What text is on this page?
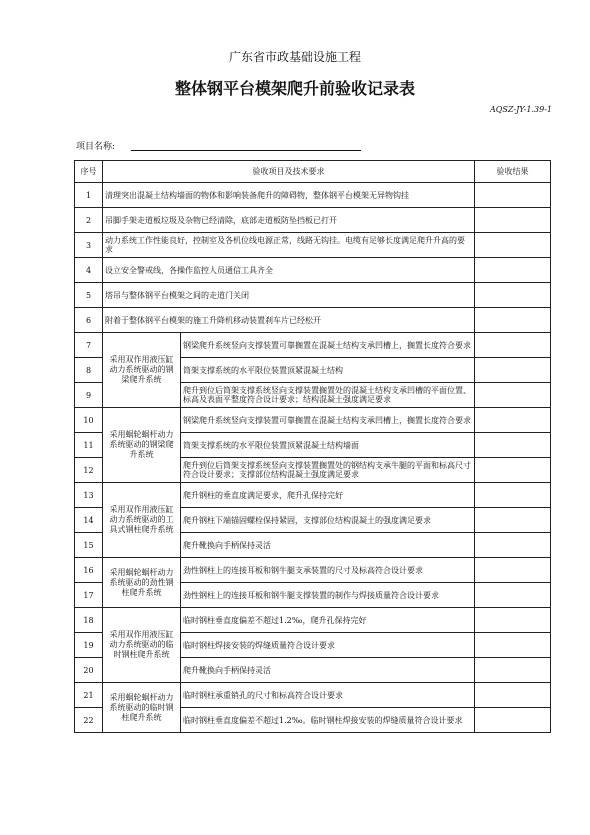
广东省市政基础设施工程
整体钢平台模架爬升前验收记录表
AQSZ-JY-1.39-1
项目名称:
序号	验收项目及技术要求		验收结果
1	清理突出混凝土结构墙面的物体和影响装备爬升的障碍物，整体钢平台模架无异物钩挂		
2	吊脚手架走道板垃圾及杂物已经清除，底部走道板防坠挡板已打开		
3	动力系统工作性能良好，控制室及各机位线电源正常，线路无钩挂。电缆有足够长度满足爬升升高的要求		
4	设立安全警戒线，各操作监控人员通信工具齐全		
5	塔吊与整体钢平台模架之间的走道门关闭		
6	附着于整体钢平台模架的施工升降机移动装置刹车片已经松开		
7	采用双作用液压缸动力系统驱动的钢梁爬升系统	钢梁爬升系统竖向支撑装置可靠搁置在混凝土结构支承凹槽上，搁置长度符合要求	
8		筒架支撑系统的水平限位装置顶紧混凝土结构	
9		爬升到位后筒架支撑系统竖向支撑装置搁置处的混凝土结构支承凹槽的平面位置、标高及表面平整度符合设计要求；结构混凝土强度满足要求	
10	采用蜗轮蜗杆动力系统驱动的钢梁爬升系统	钢梁爬升系统竖向支撑装置可靠搁置在混凝土结构支承凹槽上，搁置长度符合要求	
11		筒架支撑系统的水平限位装置顶紧混凝土结构墙面	
12		爬升到位后筒架支撑系统竖向支撑装置搁置处的钢结构支承牛腿的平面和标高尺寸符合设计要求；支撑部位结构混凝土强度满足要求	
13	采用双作用液压缸动力系统驱动的工具式钢柱爬升系统	爬升钢柱的垂直度满足要求，爬升孔保持完好	
14		爬升钢柱下端锚固螺栓保持紧固，支撑部位结构混凝土的强度满足要求	
15		爬升靴换向手柄保持灵活	
16	采用蜗轮蜗杆动力系统驱动的劲性钢柱爬升系统	劲性钢柱上的连接耳板和钢牛腿支承装置的尺寸及标高符合设计要求	
17		劲性钢柱上的连接耳板和钢牛腿支撑装置的制作与焊接质量符合设计要求	
18	采用双作用液压缸动力系统驱动的临时钢柱爬升系统	临时钢柱垂直度偏差不超过1.2‰，爬升孔保持完好	
19		临时钢柱焊接安装的焊缝质量符合设计要求	
20		爬升靴换向手柄保持灵活	
21	采用蜗轮蜗杆动力系统驱动的临时钢柱爬升系统	临时钢柱承重销孔的尺寸和标高符合设计要求	
22		临时钢柱垂直度偏差不超过1.2‰。临时钢柱焊接安装的焊缝质量符合设计要求	
